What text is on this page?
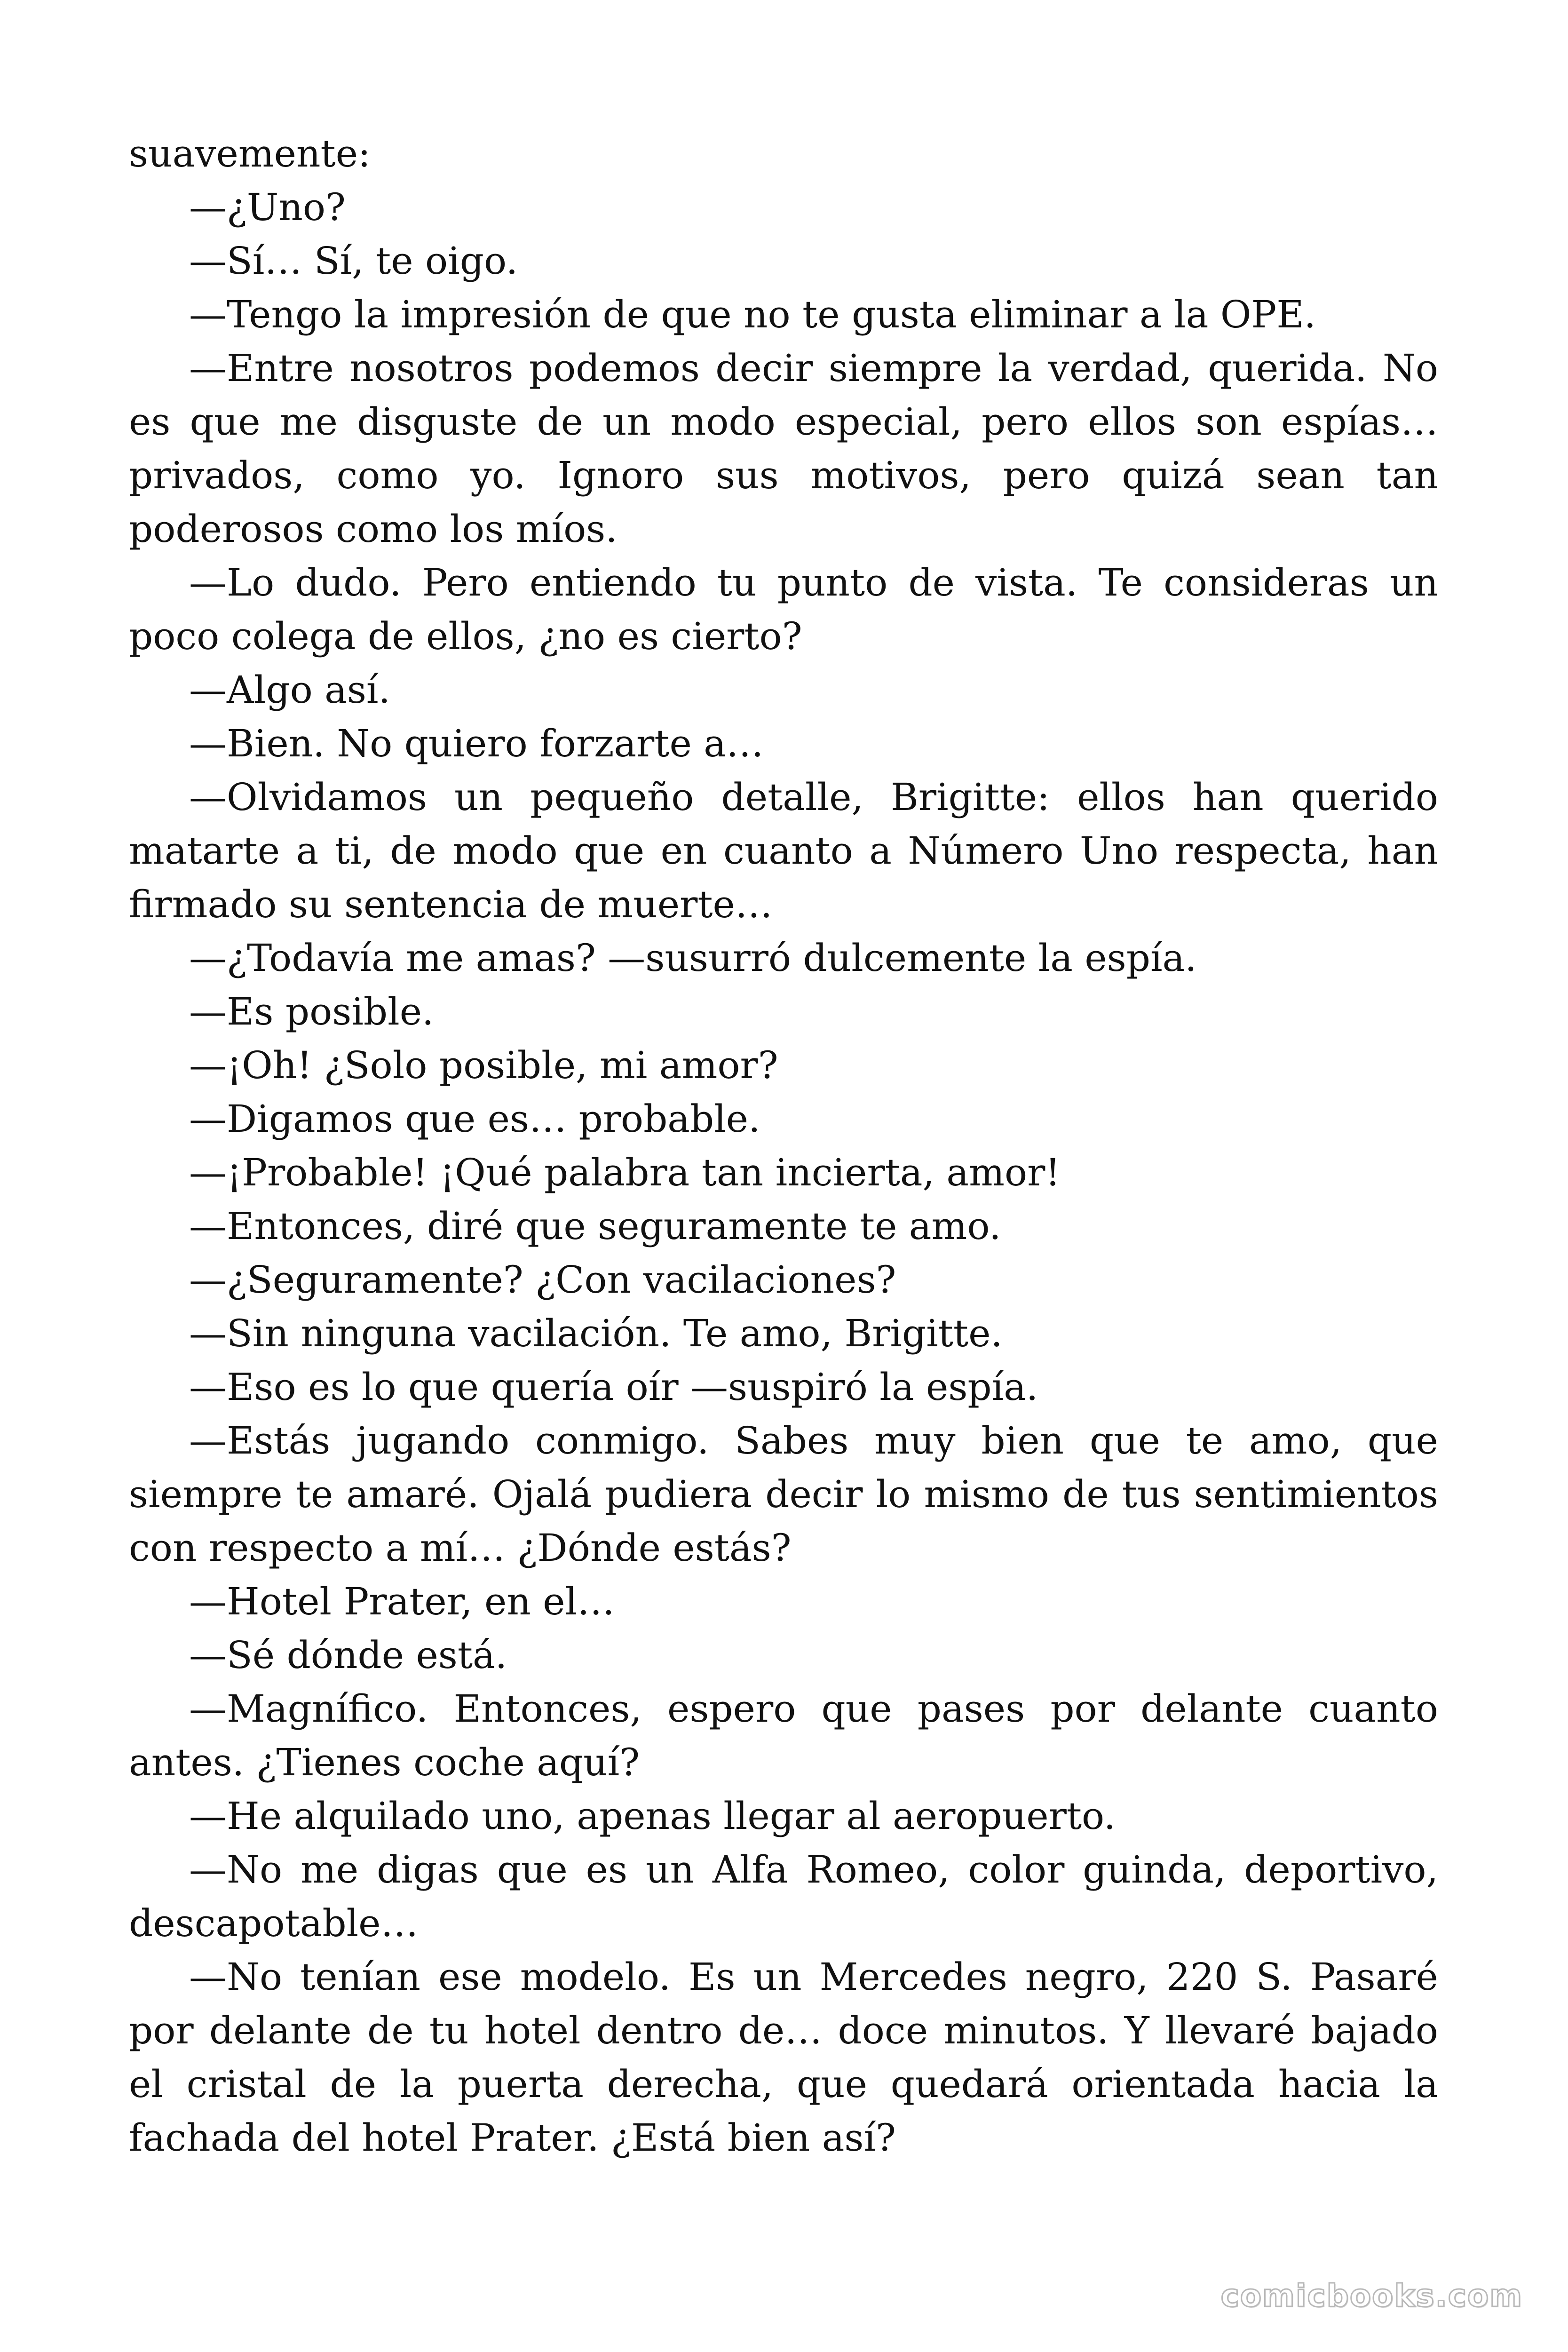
suavemente:

—¿Uno?

—Sí… Sí, te oigo.

—Tengo la impresión de que no te gusta eliminar a la OPE.

—Entre nosotros podemos decir siempre la verdad, querida. No es que me disguste de un modo especial, pero ellos son espías… privados, como yo. Ignoro sus motivos, pero quizá sean tan poderosos como los míos.

—Lo dudo. Pero entiendo tu punto de vista. Te consideras un poco colega de ellos, ¿no es cierto?

—Algo así.

—Bien. No quiero forzarte a…

—Olvidamos un pequeño detalle, Brigitte: ellos han querido matarte a ti, de modo que en cuanto a Número Uno respecta, han firmado su sentencia de muerte…

—¿Todavía me amas? —susurró dulcemente la espía.

—Es posible.

—¡Oh! ¿Solo posible, mi amor?

—Digamos que es… probable.

—¡Probable! ¡Qué palabra tan incierta, amor!

—Entonces, diré que seguramente te amo.

—¿Seguramente? ¿Con vacilaciones?

—Sin ninguna vacilación. Te amo, Brigitte.

—Eso es lo que quería oír —suspiró la espía.

—Estás jugando conmigo. Sabes muy bien que te amo, que siempre te amaré. Ojalá pudiera decir lo mismo de tus sentimientos con respecto a mí… ¿Dónde estás?

—Hotel Prater, en el…

—Sé dónde está.

—Magnífico. Entonces, espero que pases por delante cuanto antes. ¿Tienes coche aquí?

—He alquilado uno, apenas llegar al aeropuerto.

—No me digas que es un Alfa Romeo, color guinda, deportivo, descapotable…

—No tenían ese modelo. Es un Mercedes negro, 220 S. Pasaré por delante de tu hotel dentro de… doce minutos. Y llevaré bajado el cristal de la puerta derecha, que quedará orientada hacia la fachada del hotel Prater. ¿Está bien así?

comicbooks.com
